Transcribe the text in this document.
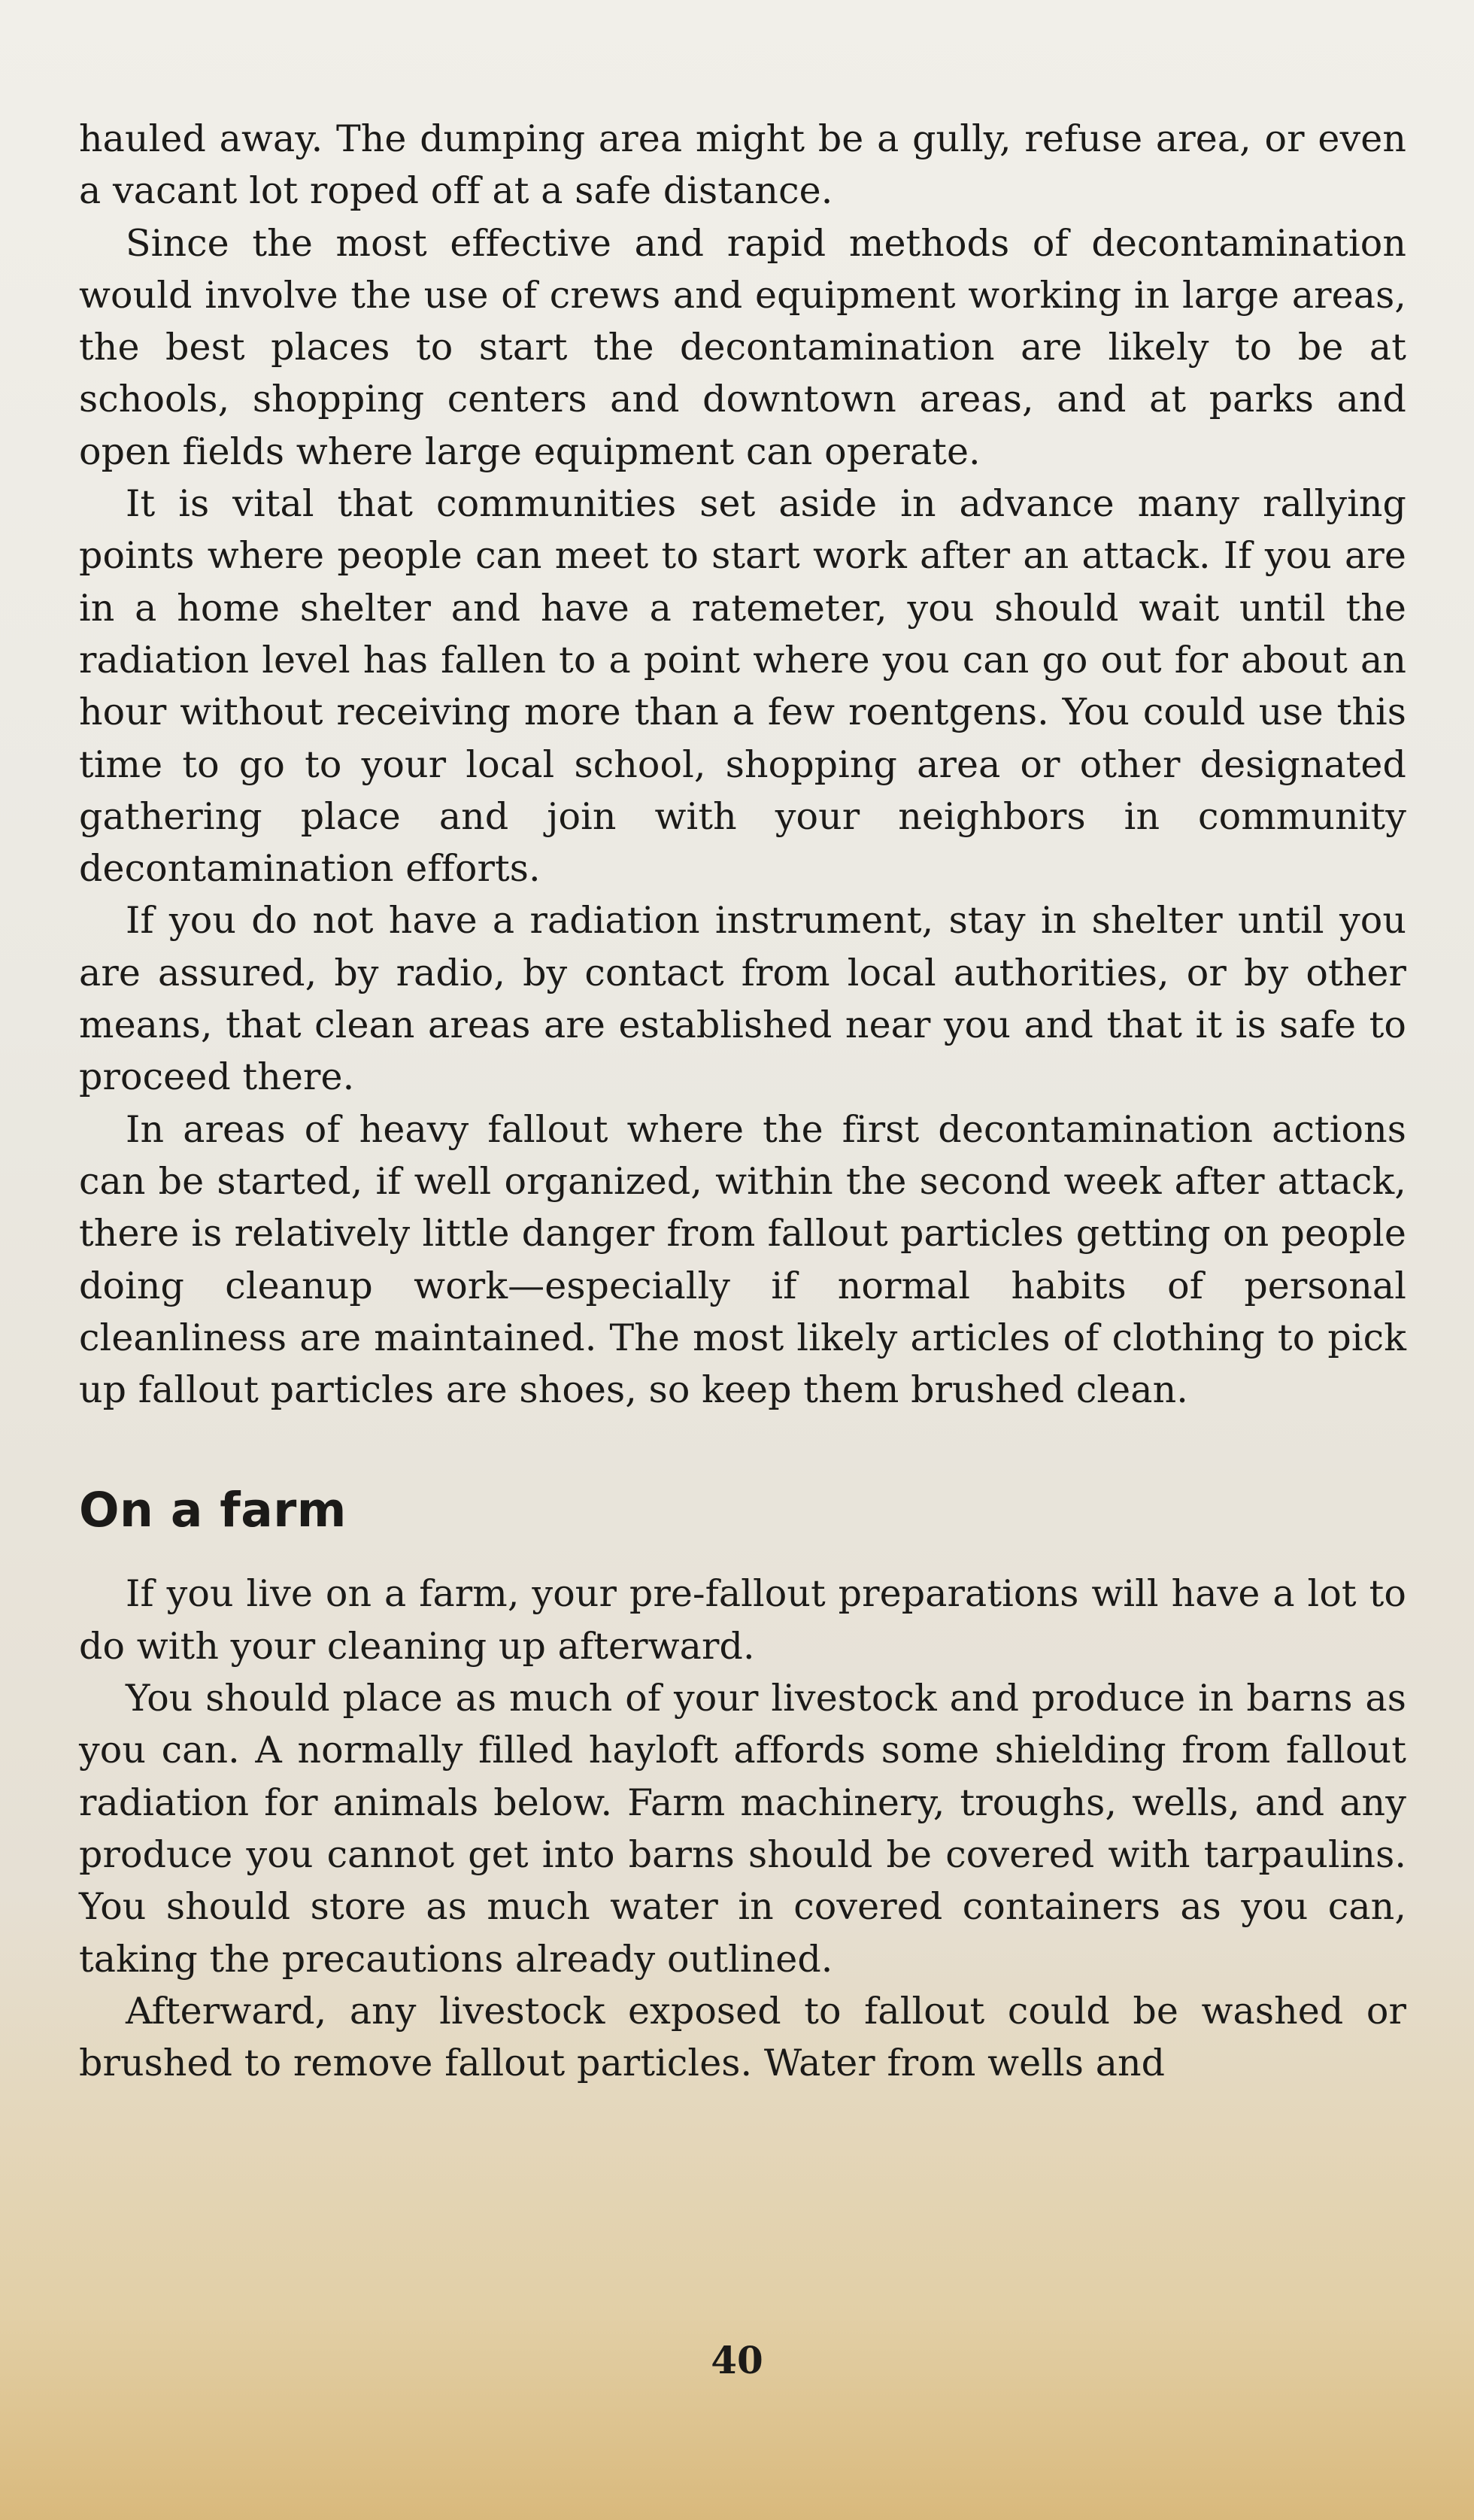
hauled away. The dumping area might be a gully, refuse area, or even a vacant lot roped off at a safe distance.

Since the most effective and rapid methods of decontamination would involve the use of crews and equipment working in large areas, the best places to start the decontamination are likely to be at schools, shopping centers and downtown areas, and at parks and open fields where large equipment can operate.

It is vital that communities set aside in advance many rallying points where people can meet to start work after an attack. If you are in a home shelter and have a ratemeter, you should wait until the radiation level has fallen to a point where you can go out for about an hour without receiving more than a few roentgens. You could use this time to go to your local school, shopping area or other designated gathering place and join with your neighbors in community decontamination efforts.

If you do not have a radiation instrument, stay in shelter until you are assured, by radio, by contact from local authorities, or by other means, that clean areas are established near you and that it is safe to proceed there.

In areas of heavy fallout where the first decontamination actions can be started, if well organized, within the second week after attack, there is relatively little danger from fallout particles getting on people doing cleanup work—especially if normal habits of personal cleanliness are maintained. The most likely articles of clothing to pick up fallout particles are shoes, so keep them brushed clean.

On a farm

If you live on a farm, your pre-fallout preparations will have a lot to do with your cleaning up afterward.

You should place as much of your livestock and produce in barns as you can. A normally filled hayloft affords some shielding from fallout radiation for animals below. Farm machinery, troughs, wells, and any produce you cannot get into barns should be covered with tarpaulins. You should store as much water in covered containers as you can, taking the precautions already outlined.

Afterward, any livestock exposed to fallout could be washed or brushed to remove fallout particles. Water from wells and

40
